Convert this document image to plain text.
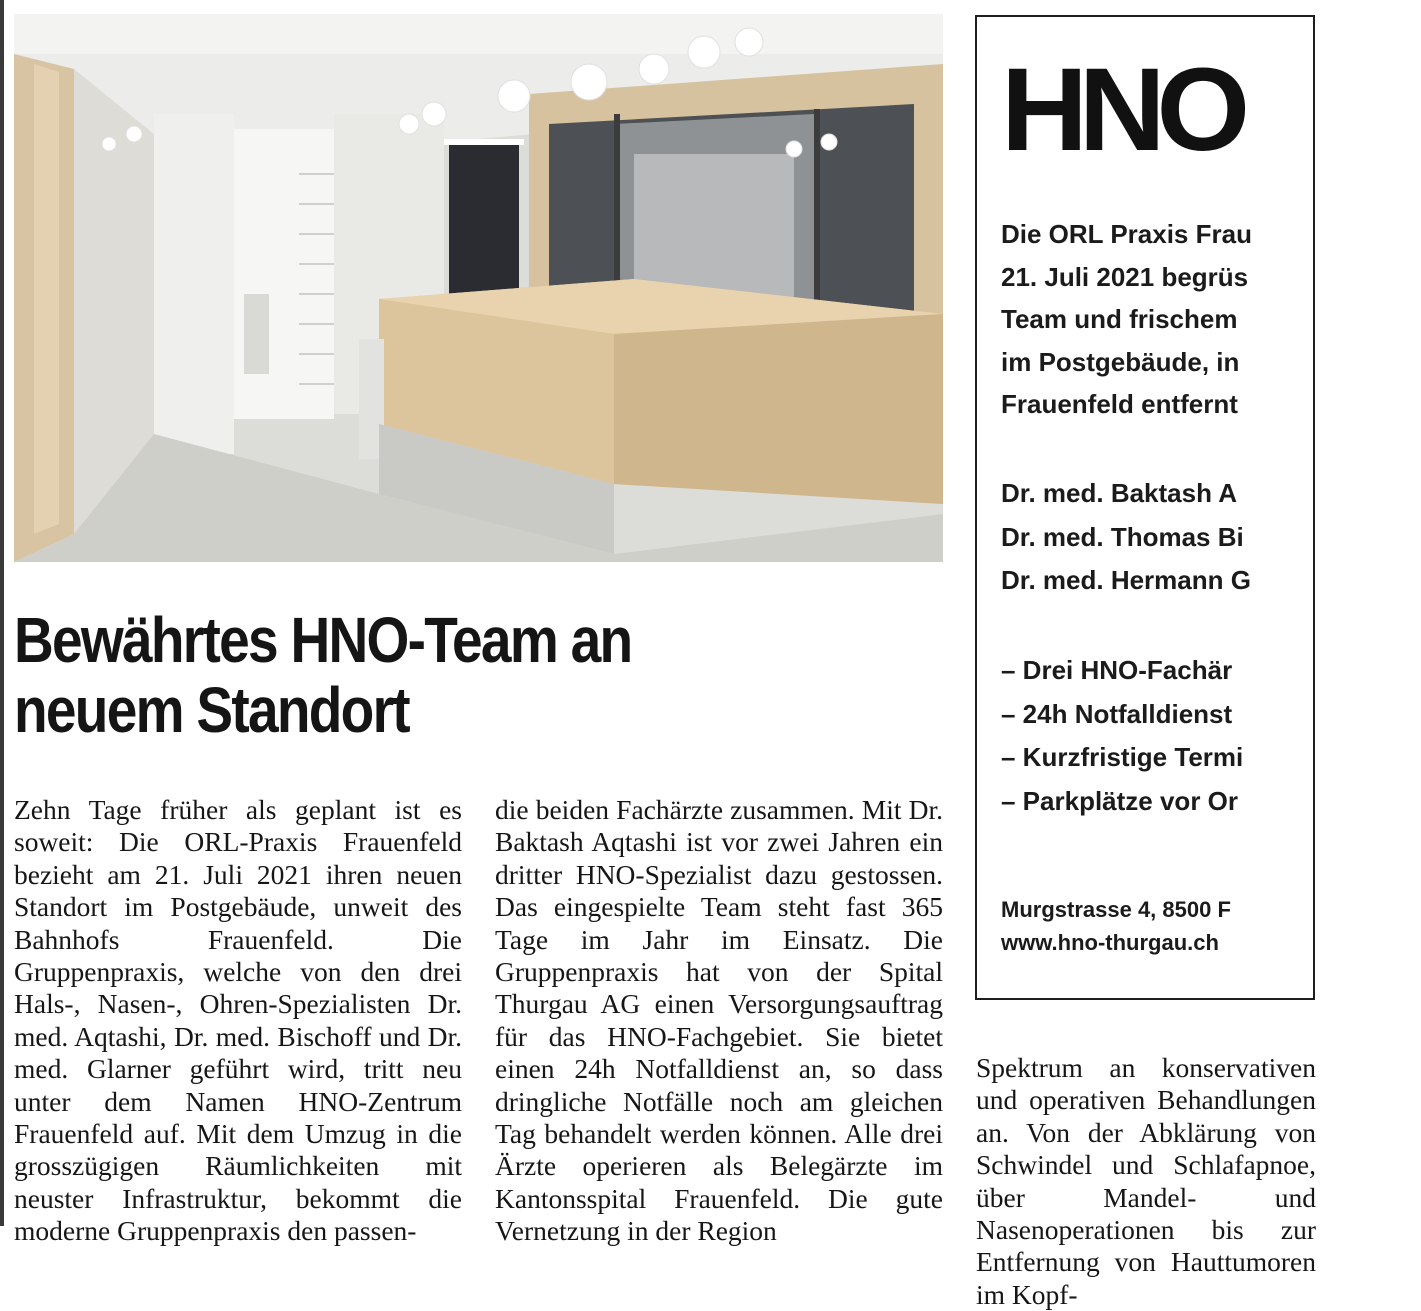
Bewährtes HNO-Team an
neuem Standort

Zehn Tage früher als geplant ist es soweit: Die ORL-Praxis Frauenfeld bezieht am 21. Juli 2021 ihren neuen Standort im Postgebäude, unweit des Bahnhofs Frauenfeld. Die Gruppenpraxis, welche von den drei Hals-, Nasen-, Ohren-Spezialisten Dr. med. Aqtashi, Dr. med. Bischoff und Dr. med. Glarner geführt wird, tritt neu unter dem Namen HNO-Zentrum Frauenfeld auf. Mit dem Umzug in die grosszügigen Räumlichkeiten mit neuster Infrastruktur, bekommt die moderne Gruppenpraxis den passen-

die beiden Fachärzte zusammen. Mit Dr. Baktash Aqtashi ist vor zwei Jahren ein dritter HNO-Spezialist dazu gestossen. Das eingespielte Team steht fast 365 Tage im Jahr im Einsatz. Die Gruppenpraxis hat von der Spital Thurgau AG einen Versorgungsauftrag für das HNO-Fachgebiet. Sie bietet einen 24h Notfalldienst an, so dass dringliche Notfälle noch am gleichen Tag behandelt werden können. Alle drei Ärzte operieren als Belegärzte im Kantonsspital Frauenfeld. Die gute Vernetzung in der Region

Spektrum an konservativen und operativen Behandlungen an. Von der Abklärung von Schwindel und Schlafapnoe, über Mandel- und Nasenoperationen bis zur Entfernung von Hauttumoren im Kopf-

HNO
Die ORL Praxis Frau
21. Juli 2021 begrüs
Team und frischem
im Postgebäude, in
Frauenfeld entfernt
Dr. med. Baktash A
Dr. med. Thomas Bi
Dr. med. Hermann G
– Drei HNO-Fachär
– 24h Notfalldienst
– Kurzfristige Termi
– Parkplätze vor Or
Murgstrasse 4, 8500 F
www.hno-thurgau.ch
